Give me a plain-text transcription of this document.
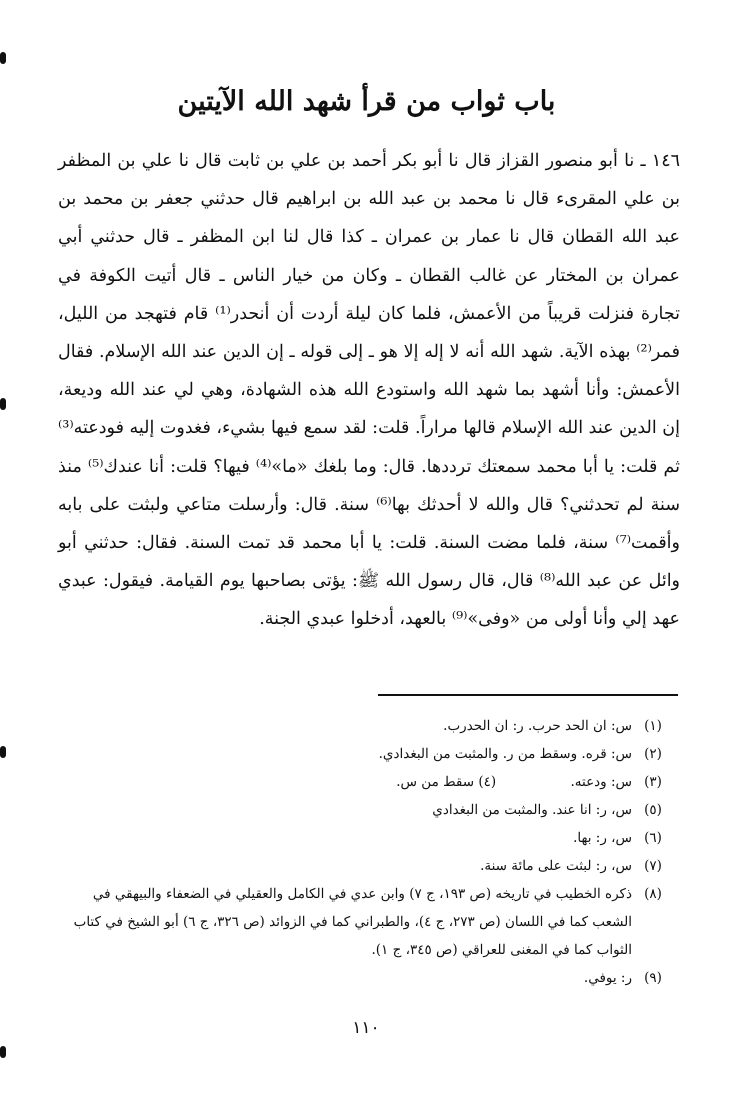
باب ثواب من قرأ شهد الله الآيتين
١٤٦ ـ نا أبو منصور القزاز قال نا أبو بكر أحمد بن علي بن ثابت قال نا علي بن المظفر بن علي المقرىء قال نا محمد بن عبد الله بن ابراهيم قال حدثني جعفر بن محمد بن عبد الله القطان قال نا عمار بن عمران ـ كذا قال لنا ابن المظفر ـ قال حدثني أبي عمران بن المختار عن غالب القطان ـ وكان من خيار الناس ـ قال أتيت الكوفة في تجارة فنزلت قريباً من الأعمش، فلما كان ليلة أردت أن أنحدر⁽¹⁾ قام فتهجد من الليل، فمر⁽²⁾ بهذه الآية. شهد الله أنه لا إله إلا هو ـ إلى قوله ـ إن الدين عند الله الإسلام. فقال الأعمش: وأنا أشهد بما شهد الله واستودع الله هذه الشهادة، وهي لي عند الله وديعة، إن الدين عند الله الإسلام قالها مراراً. قلت: لقد سمع فيها بشيء، فغدوت إليه فودعته⁽³⁾ ثم قلت: يا أبا محمد سمعتك ترددها. قال: وما بلغك «ما»⁽⁴⁾ فيها؟ قلت: أنا عندك⁽⁵⁾ منذ سنة لم تحدثني؟ قال والله لا أحدثك بها⁽⁶⁾ سنة. قال: وأرسلت متاعي ولبثت على بابه وأقمت⁽⁷⁾ سنة، فلما مضت السنة. قلت: يا أبا محمد قد تمت السنة. فقال: حدثني أبو وائل عن عبد الله⁽⁸⁾ قال، قال رسول الله ﷺ: يؤتى بصاحبها يوم القيامة. فيقول: عبدي عهد إلي وأنا أولى من «وفى»⁽⁹⁾ بالعهد، أدخلوا عبدي الجنة.
(١)
س: ان الحد حرب. ر: ان الحدرب.
(٢)
س: قره. وسقط من ر. والمثبت من البغدادي.
(٣)
س: ودعته. (٤) سقط من س.
(٥)
س، ر: انا عند. والمثبت من البغدادي
(٦)
س، ر: بها.
(٧)
س، ر: لبثت على مائة سنة.
(٨)
ذكره الخطيب في تاريخه (ص ١٩٣، ج ٧) وابن عدي في الكامل والعقيلي في الضعفاء والبيهقي في الشعب كما في اللسان (ص ٢٧٣، ج ٤)، والطبراني كما في الزوائد (ص ٣٢٦، ج ٦) أبو الشيخ في كتاب الثواب كما في المغنى للعراقي (ص ٣٤٥، ج ١).
(٩)
ر: يوفي.
١١٠
